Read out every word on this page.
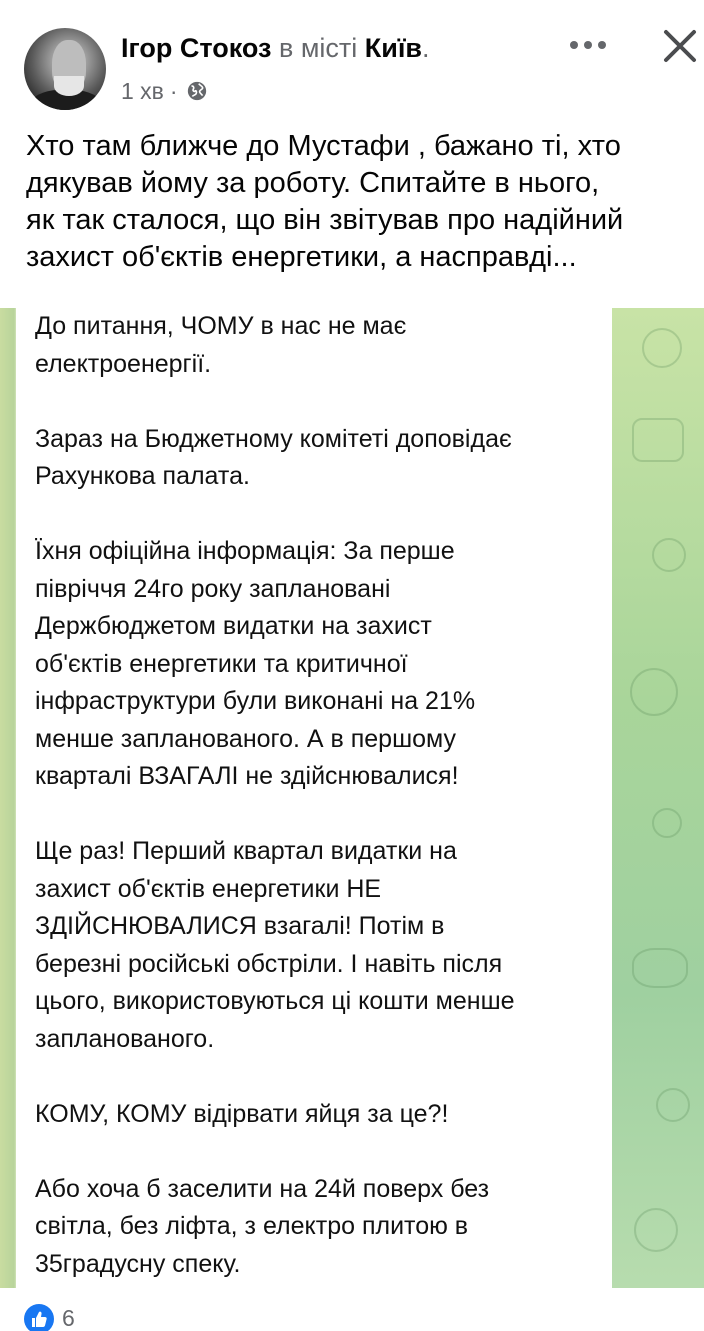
Ігор Стокоз в місті Київ.
1 хв ·
Хто там ближче до Мустафи , бажано ті, хто
дякував йому за роботу. Спитайте в нього,
як так сталося, що він звітував про надійний
захист об'єктів енергетики, а насправді...

До питання, ЧОМУ в нас не має
електроенергії.

Зараз на Бюджетному комітеті доповідає
Рахункова палата.

Їхня офіційна інформація: За перше
півріччя 24го року заплановані
Держбюджетом видатки на захист
об'єктів енергетики та критичної
інфраструктури були виконані на 21%
менше запланованого. А в першому
кварталі ВЗАГАЛІ не здійснювалися!

Ще раз! Перший квартал видатки на
захист об'єктів енергетики НЕ
ЗДІЙСНЮВАЛИСЯ взагалі! Потім в
березні російські обстріли. І навіть після
цього, використовуються ці кошти менше
запланованого.

КОМУ, КОМУ відірвати яйця за це?!

Або хоча б заселити на 24й поверх без
світла, без ліфта, з електро плитою в
35градусну спеку.

6
